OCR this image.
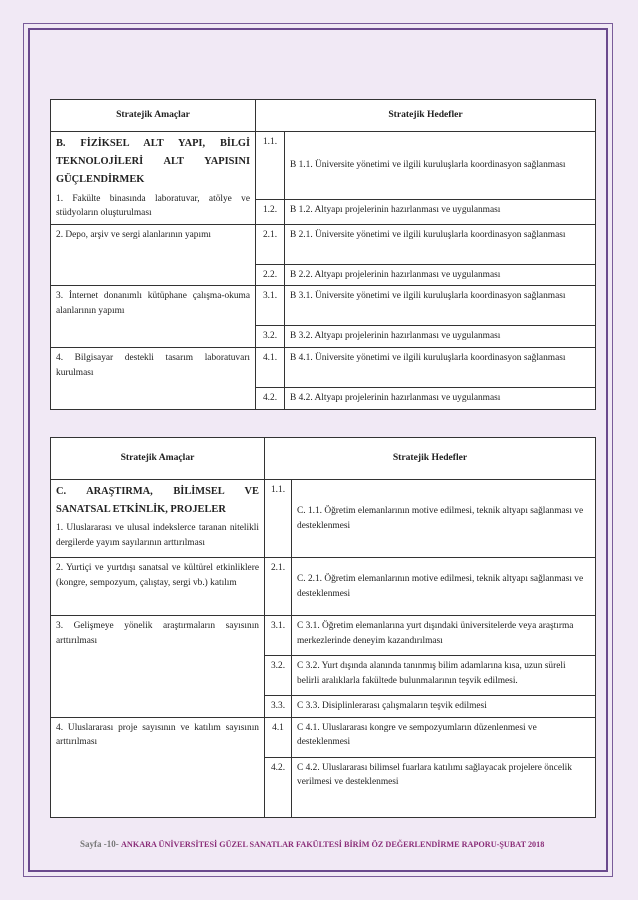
Stratejik Amaçlar	Stratejik Hedefler	

B. FİZİKSEL ALT YAPI, BİLGİ TEKNOLOJİLERİ ALT YAPISINI GÜÇLENDİRMEK
1. Fakülte binasında laboratuvar, atölye ve stüdyoların oluşturulması	1.1.	B 1.1. Üniversite yönetimi ve ilgili kuruluşlarla koordinasyon sağlanması
	1.2.	B 1.2. Altyapı projelerinin hazırlanması ve uygulanması
2. Depo, arşiv ve sergi alanlarının yapımı	2.1.	B 2.1. Üniversite yönetimi ve ilgili kuruluşlarla koordinasyon sağlanması
	2.2.	B 2.2. Altyapı projelerinin hazırlanması ve uygulanması
3. İnternet donanımlı kütüphane çalışma-okuma alanlarının yapımı	3.1.	B 3.1. Üniversite yönetimi ve ilgili kuruluşlarla koordinasyon sağlanması
	3.2.	B 3.2. Altyapı projelerinin hazırlanması ve uygulanması
4. Bilgisayar destekli tasarım laboratuvarı kurulması	4.1.	B 4.1. Üniversite yönetimi ve ilgili kuruluşlarla koordinasyon sağlanması
	4.2.	B 4.2. Altyapı projelerinin hazırlanması ve uygulanması
Stratejik Amaçlar	Stratejik Hedefler	

C. ARAŞTIRMA, BİLİMSEL VE SANATSAL ETKİNLİK, PROJELER
1. Uluslararası ve ulusal indekslerce taranan nitelikli dergilerde yayım sayılarının arttırılması	1.1.	C. 1.1. Öğretim elemanlarının motive edilmesi, teknik altyapı sağlanması ve desteklenmesi
2. Yurtiçi ve yurtdışı sanatsal ve kültürel etkinliklere (kongre, sempozyum, çalıştay, sergi vb.) katılım	2.1.	C. 2.1. Öğretim elemanlarının motive edilmesi, teknik altyapı sağlanması ve desteklenmesi
3. Gelişmeye yönelik araştırmaların sayısının arttırılması	3.1.	C 3.1. Öğretim elemanlarına yurt dışındaki üniversitelerde veya araştırma merkezlerinde deneyim kazandırılması
	3.2.	C 3.2. Yurt dışında alanında tanınmış bilim adamlarına kısa, uzun süreli belirli aralıklarla fakültede bulunmalarının teşvik edilmesi.
	3.3.	C 3.3. Disiplinlerarası çalışmaların teşvik edilmesi
4. Uluslararası proje sayısının ve katılım sayısının arttırılması	4.1	C 4.1. Uluslararası kongre ve sempozyumların düzenlenmesi ve desteklenmesi
	4.2.	C 4.2. Uluslararası bilimsel fuarlara katılımı sağlayacak projelere öncelik verilmesi ve desteklenmesi
Sayfa -10- ANKARA ÜNİVERSİTESİ GÜZEL SANATLAR FAKÜLTESİ BİRİM ÖZ DEĞERLENDİRME RAPORU-ŞUBAT 2018
